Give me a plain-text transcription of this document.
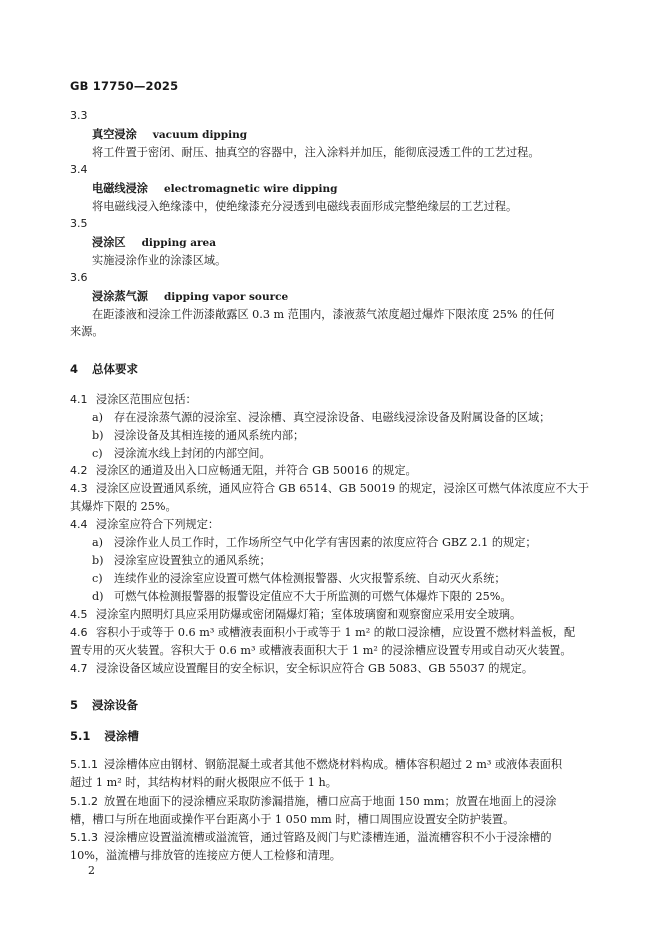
GB 17750—2025
3.3
真空浸涂 vacuum dipping
将工件置于密闭、耐压、抽真空的容器中，注入涂料并加压，能彻底浸透工件的工艺过程。
3.4
电磁线浸涂 electromagnetic wire dipping
将电磁线浸入绝缘漆中，使绝缘漆充分浸透到电磁线表面形成完整绝缘层的工艺过程。
3.5
浸涂区 dipping area
实施浸涂作业的涂漆区域。
3.6
浸涂蒸气源 dipping vapor source
在距漆液和浸涂工件沥漆敞露区 0.3 m 范围内，漆液蒸气浓度超过爆炸下限浓度 25% 的任何
来源。
4 总体要求
4.1 浸涂区范围应包括：
a) 存在浸涂蒸气源的浸涂室、浸涂槽、真空浸涂设备、电磁线浸涂设备及附属设备的区域；
b) 浸涂设备及其相连接的通风系统内部；
c) 浸涂流水线上封闭的内部空间。
4.2 浸涂区的通道及出入口应畅通无阻，并符合 GB 50016 的规定。
4.3 浸涂区应设置通风系统，通风应符合 GB 6514、GB 50019 的规定，浸涂区可燃气体浓度应不大于
其爆炸下限的 25%。
4.4 浸涂室应符合下列规定：
a) 浸涂作业人员工作时，工作场所空气中化学有害因素的浓度应符合 GBZ 2.1 的规定；
b) 浸涂室应设置独立的通风系统；
c) 连续作业的浸涂室应设置可燃气体检测报警器、火灾报警系统、自动灭火系统；
d) 可燃气体检测报警器的报警设定值应不大于所监测的可燃气体爆炸下限的 25%。
4.5 浸涂室内照明灯具应采用防爆或密闭隔爆灯箱；室体玻璃窗和观察窗应采用安全玻璃。
4.6 容积小于或等于 0.6 m³ 或槽液表面积小于或等于 1 m² 的敞口浸涂槽，应设置不燃材料盖板，配
置专用的灭火装置。容积大于 0.6 m³ 或槽液表面积大于 1 m² 的浸涂槽应设置专用或自动灭火装置。
4.7 浸涂设备区域应设置醒目的安全标识，安全标识应符合 GB 5083、GB 55037 的规定。
5 浸涂设备
5.1 浸涂槽
5.1.1 浸涂槽体应由钢材、钢筋混凝土或者其他不燃烧材料构成。槽体容积超过 2 m³ 或液体表面积
超过 1 m² 时，其结构材料的耐火极限应不低于 1 h。
5.1.2 放置在地面下的浸涂槽应采取防渗漏措施，槽口应高于地面 150 mm；放置在地面上的浸涂
槽，槽口与所在地面或操作平台距离小于 1 050 mm 时，槽口周围应设置安全防护装置。
5.1.3 浸涂槽应设置溢流槽或溢流管，通过管路及阀门与贮漆槽连通，溢流槽容积不小于浸涂槽的
10%，溢流槽与排放管的连接应方便人工检修和清理。
2
